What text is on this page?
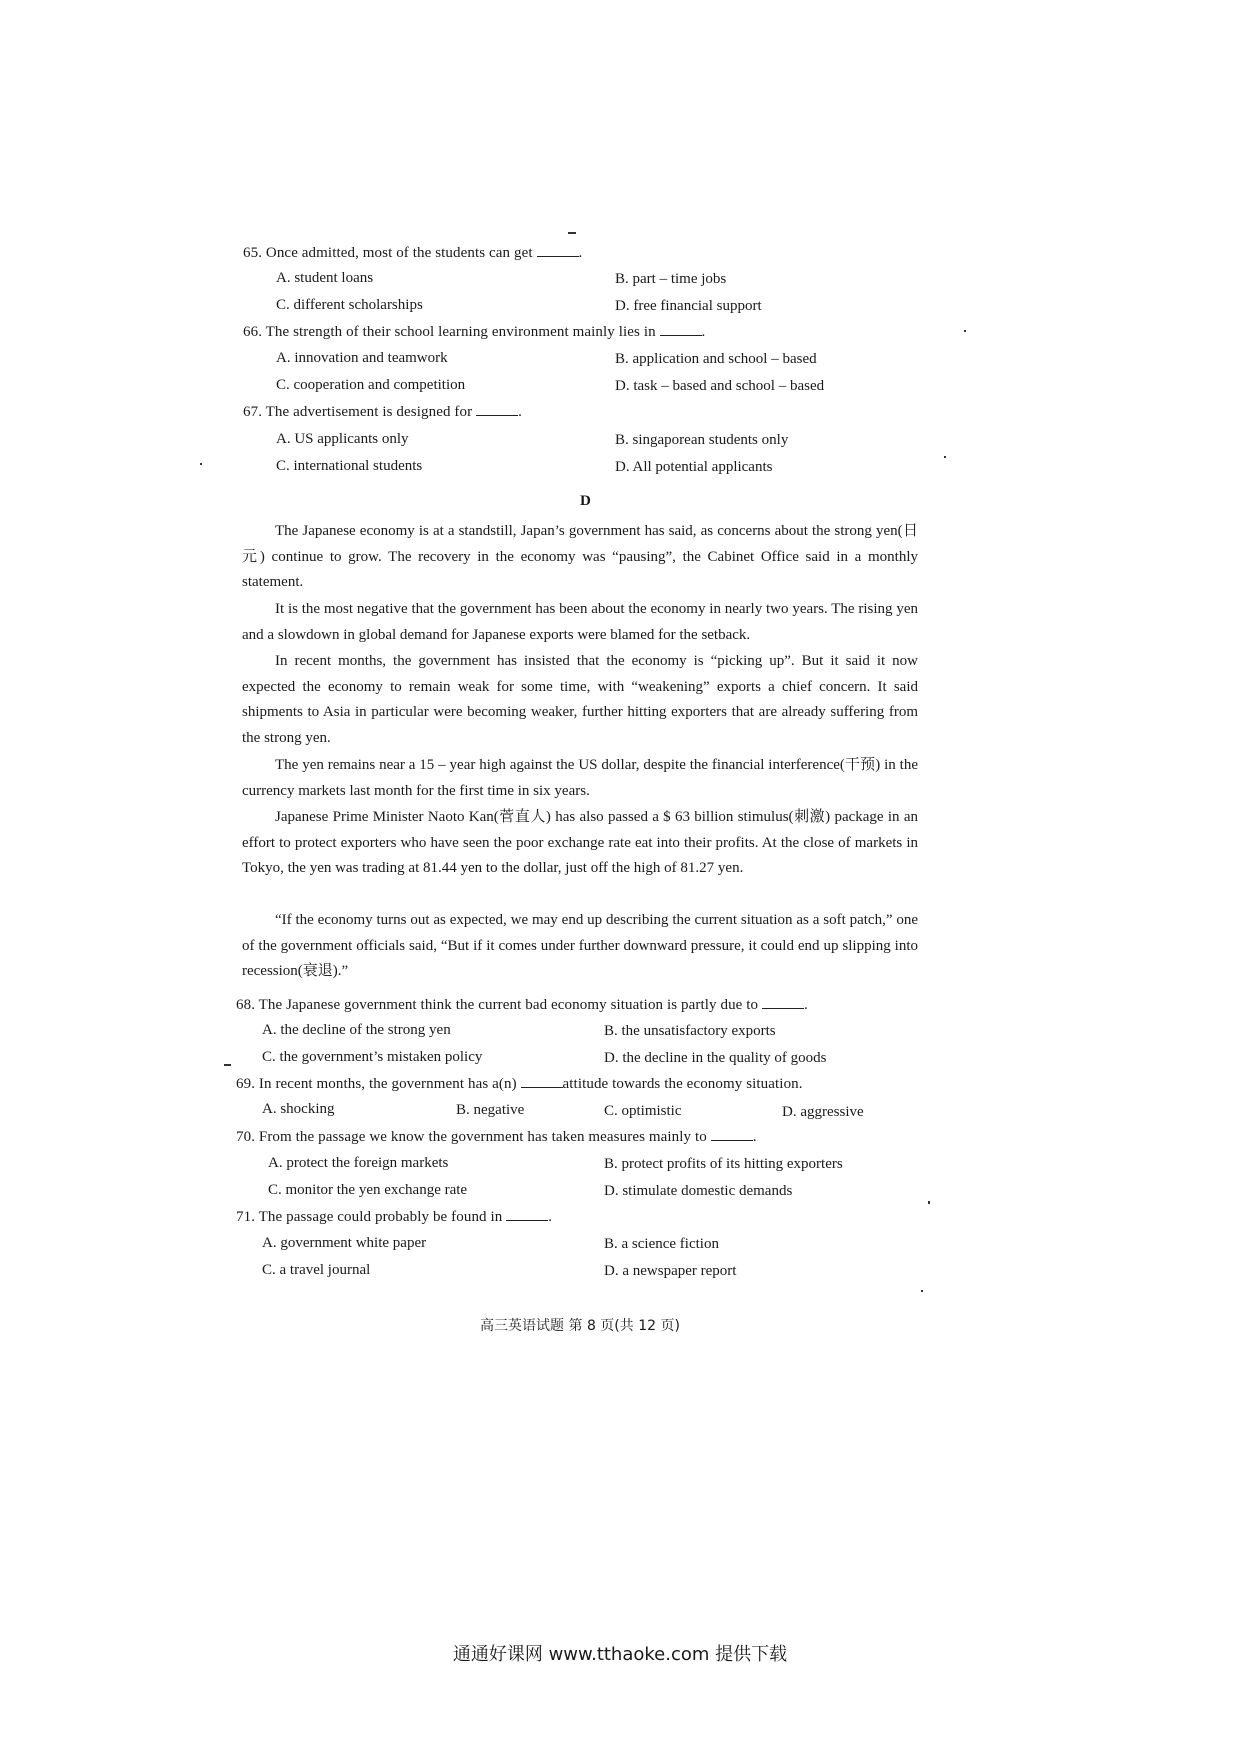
65. Once admitted, most of the students can get	.
A. student loans	B. part – time jobs
C. different scholarships	D. free financial support
66. The strength of their school learning environment mainly lies in	.
A. innovation and teamwork	B. application and school – based
C. cooperation and competition	D. task – based and school – based
67. The advertisement is designed for	.
A. US applicants only	B. singaporean students only
C. international students	D. All potential applicants
D
The Japanese economy is at a standstill, Japan’s government has said, as concerns about the strong yen(日元) continue to grow. The recovery in the economy was “pausing”, the Cabinet Office said in a monthly statement.
It is the most negative that the government has been about the economy in nearly two years. The rising yen and a slowdown in global demand for Japanese exports were blamed for the setback.
In recent months, the government has insisted that the economy is “picking up”. But it said it now expected the economy to remain weak for some time, with “weakening” exports a chief concern. It said shipments to Asia in particular were becoming weaker, further hitting exporters that are already suffering from the strong yen.
The yen remains near a 15 – year high against the US dollar, despite the financial interference(干预) in the currency markets last month for the first time in six years.
Japanese Prime Minister Naoto Kan(菅直人) has also passed a $ 63 billion stimulus(刺激) package in an effort to protect exporters who have seen the poor exchange rate eat into their profits. At the close of markets in Tokyo, the yen was trading at 81.44 yen to the dollar, just off the high of 81.27 yen.
“If the economy turns out as expected, we may end up describing the current situation as a soft patch,” one of the government officials said, “But if it comes under further downward pressure, it could end up slipping into recession(衰退).”
68. The Japanese government think the current bad economy situation is partly due to	.
A. the decline of the strong yen	B. the unsatisfactory exports
C. the government’s mistaken policy	D. the decline in the quality of goods
69. In recent months, the government has a(n)	attitude towards the economy situation.
A. shocking	B. negative	C. optimistic	D. aggressive
70. From the passage we know the government has taken measures mainly to	.
A. protect the foreign markets	B. protect profits of its hitting exporters
C. monitor the yen exchange rate	D. stimulate domestic demands
71. The passage could probably be found in	.
A. government white paper	B. a science fiction
C. a travel journal	D. a newspaper report
高三英语试题 第 8 页(共 12 页)
通通好课网 www.tthaoke.com 提供下载
